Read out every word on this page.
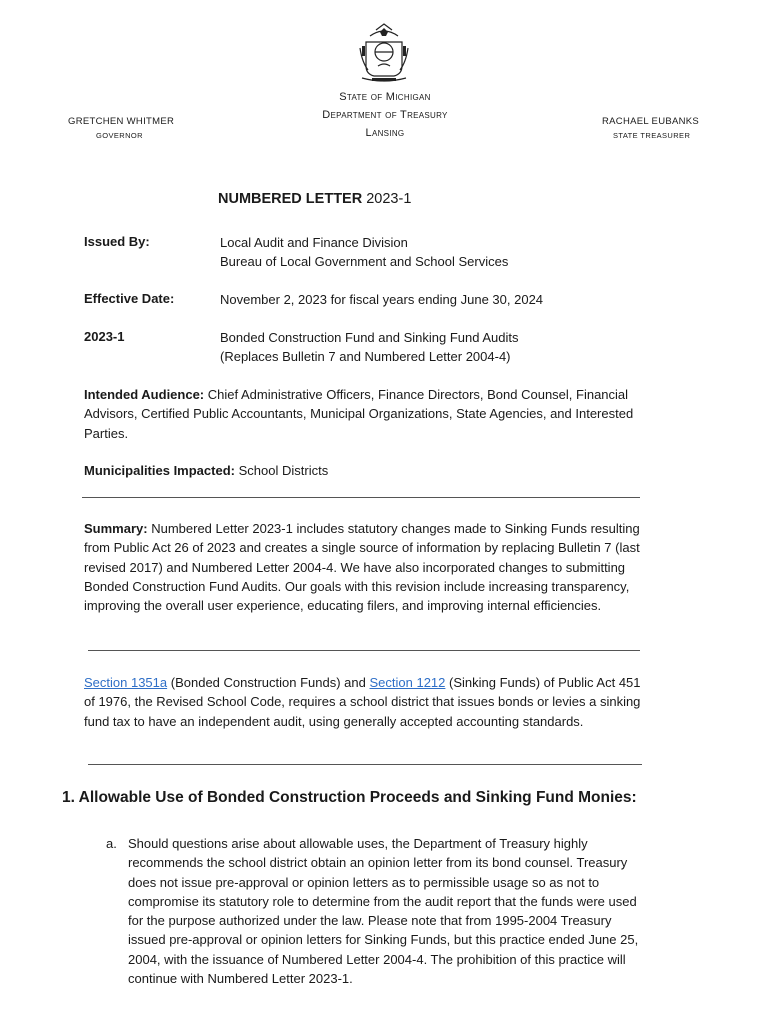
State of Michigan
Department of Treasury
Lansing
GRETCHEN WHITMER
GOVERNOR
RACHAEL EUBANKS
STATE TREASURER
NUMBERED LETTER 2023-1
Issued By:	Local Audit and Finance Division
Bureau of Local Government and School Services
Effective Date:	November 2, 2023 for fiscal years ending June 30, 2024
2023-1	Bonded Construction Fund and Sinking Fund Audits
(Replaces Bulletin 7 and Numbered Letter 2004-4)
Intended Audience: Chief Administrative Officers, Finance Directors, Bond Counsel, Financial Advisors, Certified Public Accountants, Municipal Organizations, State Agencies, and Interested Parties.
Municipalities Impacted: School Districts
Summary: Numbered Letter 2023-1 includes statutory changes made to Sinking Funds resulting from Public Act 26 of 2023 and creates a single source of information by replacing Bulletin 7 (last revised 2017) and Numbered Letter 2004-4. We have also incorporated changes to submitting Bonded Construction Fund Audits. Our goals with this revision include increasing transparency, improving the overall user experience, educating filers, and improving internal efficiencies.
Section 1351a (Bonded Construction Funds) and Section 1212 (Sinking Funds) of Public Act 451 of 1976, the Revised School Code, requires a school district that issues bonds or levies a sinking fund tax to have an independent audit, using generally accepted accounting standards.
1. Allowable Use of Bonded Construction Proceeds and Sinking Fund Monies:
a. Should questions arise about allowable uses, the Department of Treasury highly recommends the school district obtain an opinion letter from its bond counsel. Treasury does not issue pre-approval or opinion letters as to permissible usage so as not to compromise its statutory role to determine from the audit report that the funds were used for the purpose authorized under the law. Please note that from 1995-2004 Treasury issued pre-approval or opinion letters for Sinking Funds, but this practice ended June 25, 2004, with the issuance of Numbered Letter 2004-4. The prohibition of this practice will continue with Numbered Letter 2023-1.
